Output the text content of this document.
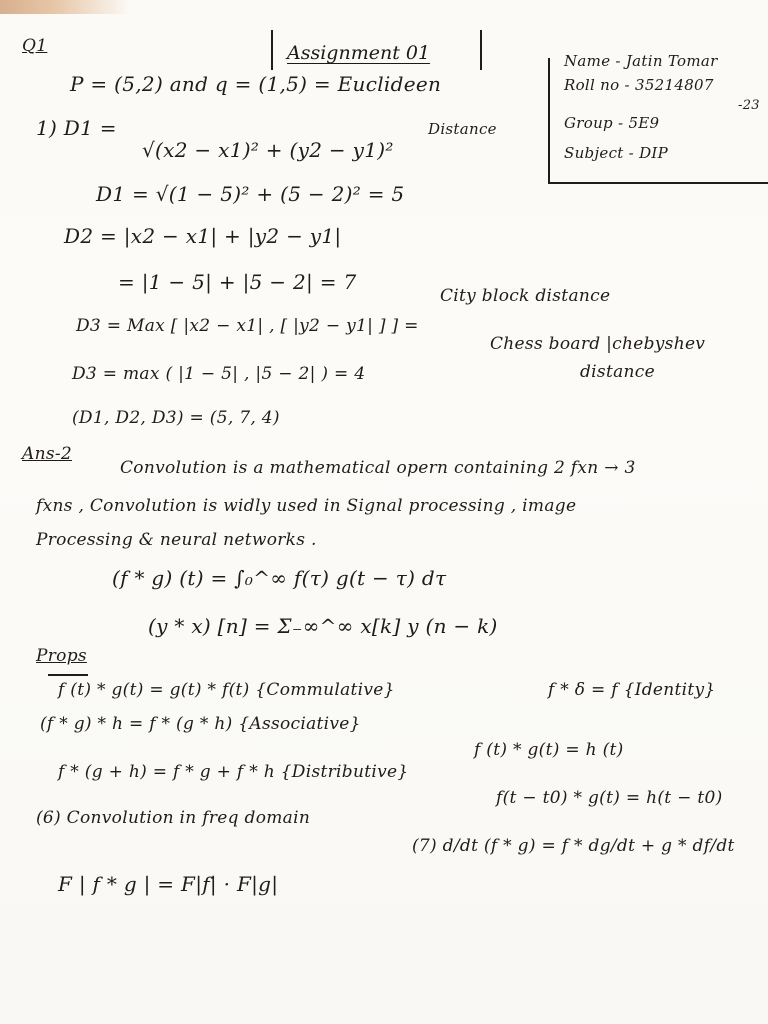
Q1	Assignment 01	Name - Jatin Tomar
Roll no - 35214807
-23
Group - 5E9
Subject - DIP
P = (5,2) and q = (1,5) = Euclideen
Distance
1) D1 =
√(x2 − x1)² + (y2 − y1)²
D1 = √(1 − 5)² + (5 − 2)² = 5
D2 = |x2 − x1| + |y2 − y1|
= |1 − 5| + |5 − 2| = 7
City block distance
D3 = Max [ |x2 − x1| , [ |y2 − y1| ] ] =
Chess board |chebyshev
distance
D3 = max ( |1 − 5| , |5 − 2| ) = 4
(D1, D2, D3) = (5, 7, 4)
Ans-2
Convolution is a mathematical opern containing 2 fxn → 3
fxns , Convolution is widly used in Signal processing , image
Processing & neural networks .
(f * g) (t) = ∫₀^∞ f(τ) g(t − τ) dτ
(y * x) [n] = Σ₋∞^∞ x[k] y (n − k)
Props
f (t) * g(t) = g(t) * f(t) {Commulative}	f * δ = f {Identity}
(f * g) * h = f * (g * h) {Associative}
f (t) * g(t) = h (t)
f * (g + h) = f * g + f * h {Distributive}
f(t − t0) * g(t) = h(t − t0)
(6) Convolution in freq domain
(7) d/dt (f * g) = f * dg/dt + g * df/dt
F | f * g | = F|f| · F|g|
